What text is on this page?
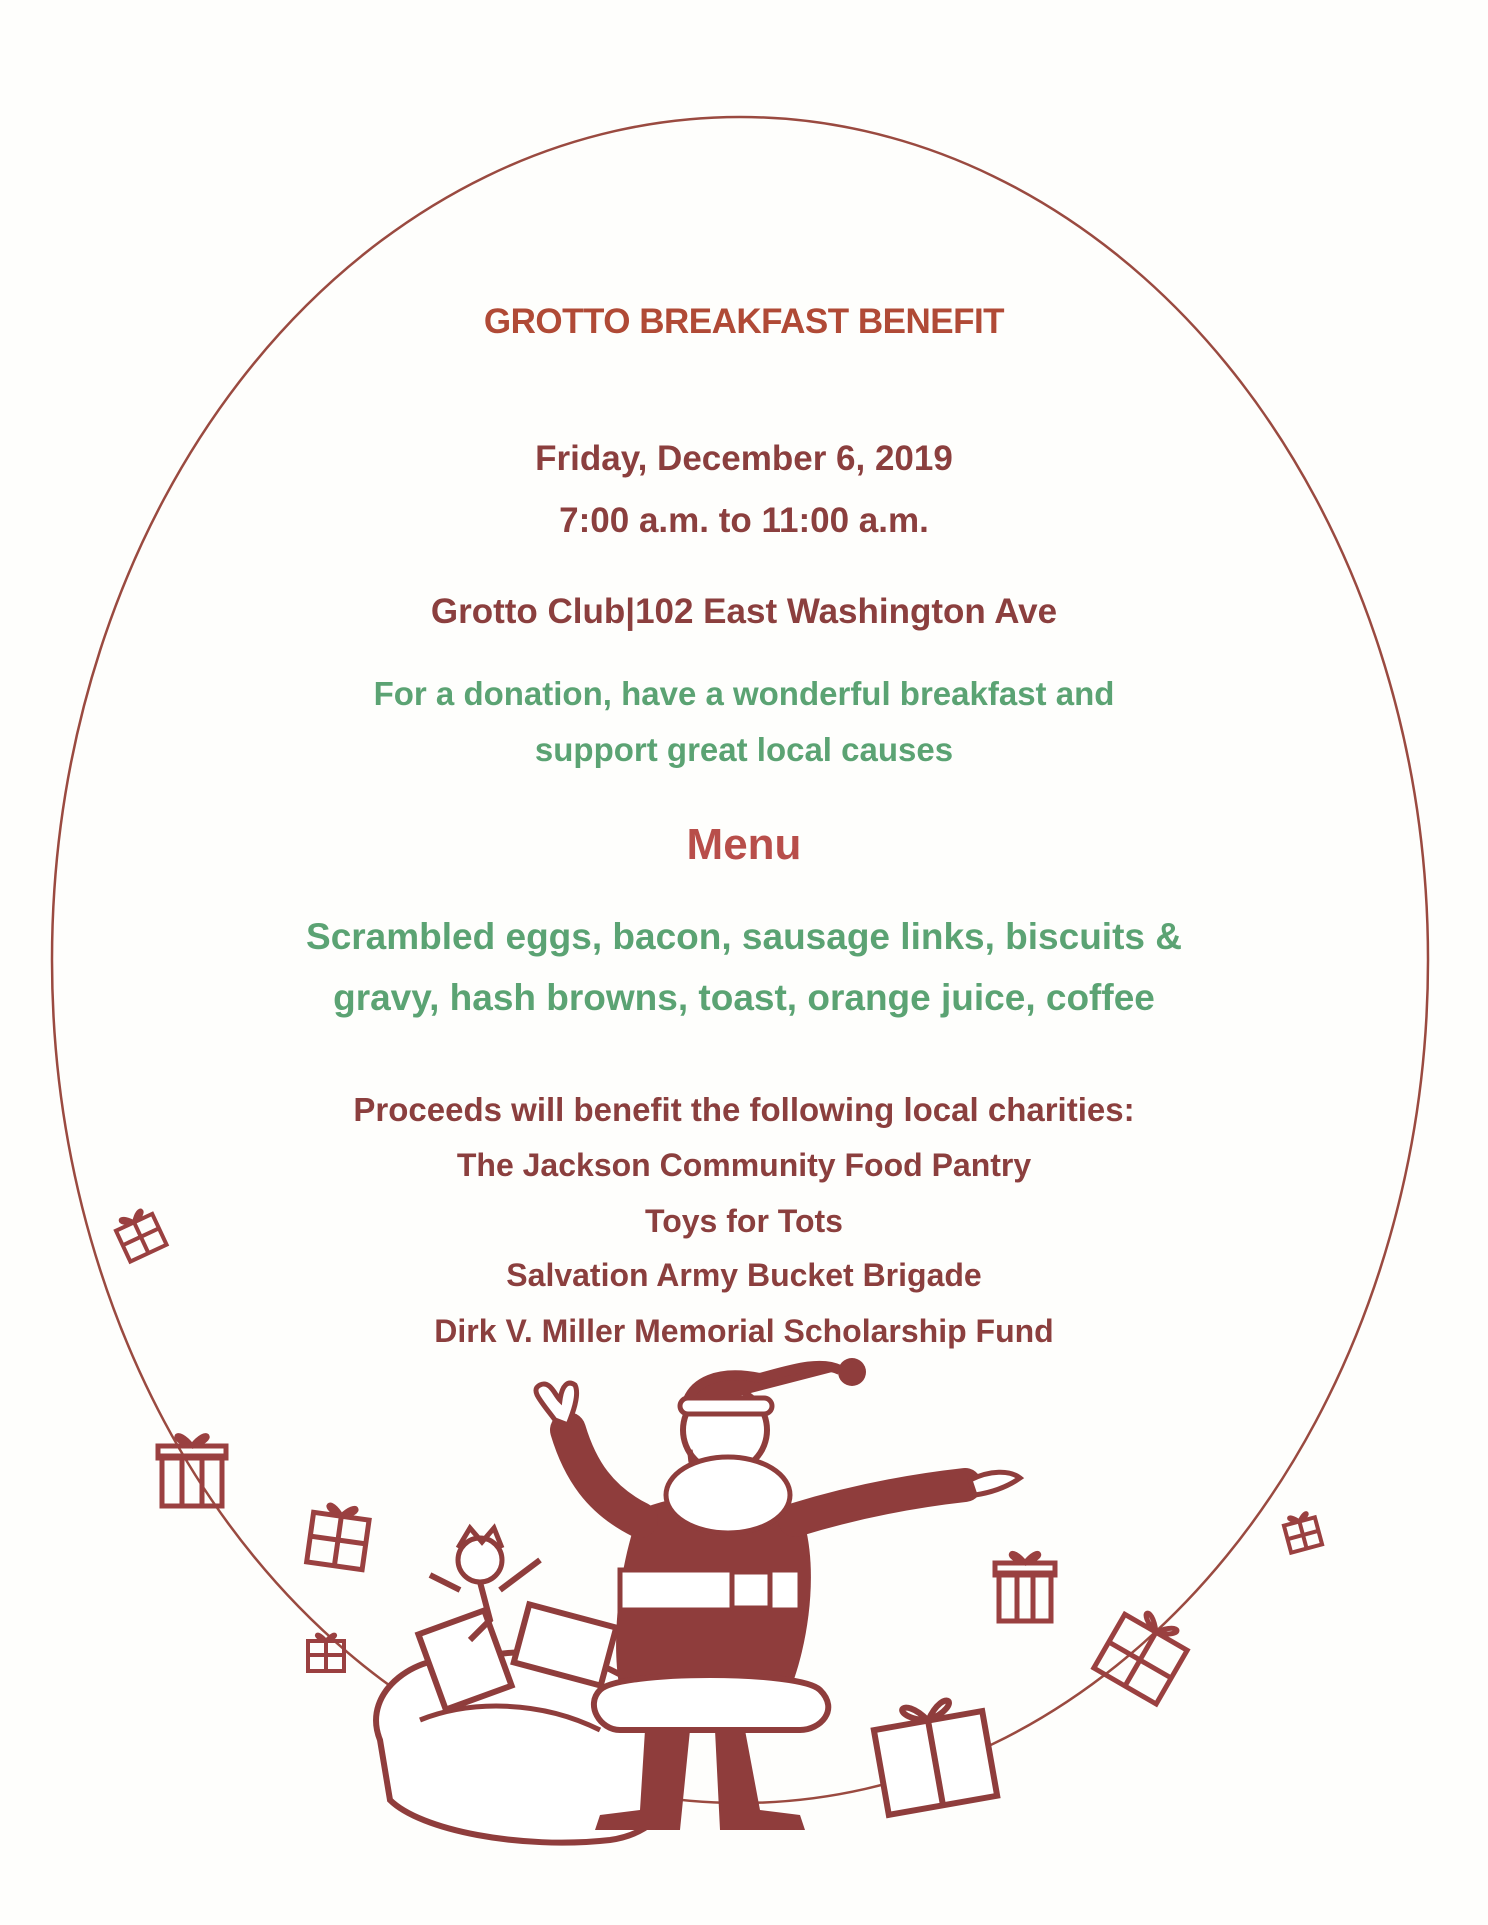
GROTTO BREAKFAST BENEFIT
Friday, December 6, 2019
7:00 a.m. to 11:00 a.m.
Grotto Club|102 East Washington Ave
For a donation, have a wonderful breakfast and
support great local causes
Menu
Scrambled eggs, bacon, sausage links, biscuits &
gravy, hash browns, toast, orange juice, coffee
Proceeds will benefit the following local charities:
The Jackson Community Food Pantry
Toys for Tots
Salvation Army Bucket Brigade
Dirk V. Miller Memorial Scholarship Fund
